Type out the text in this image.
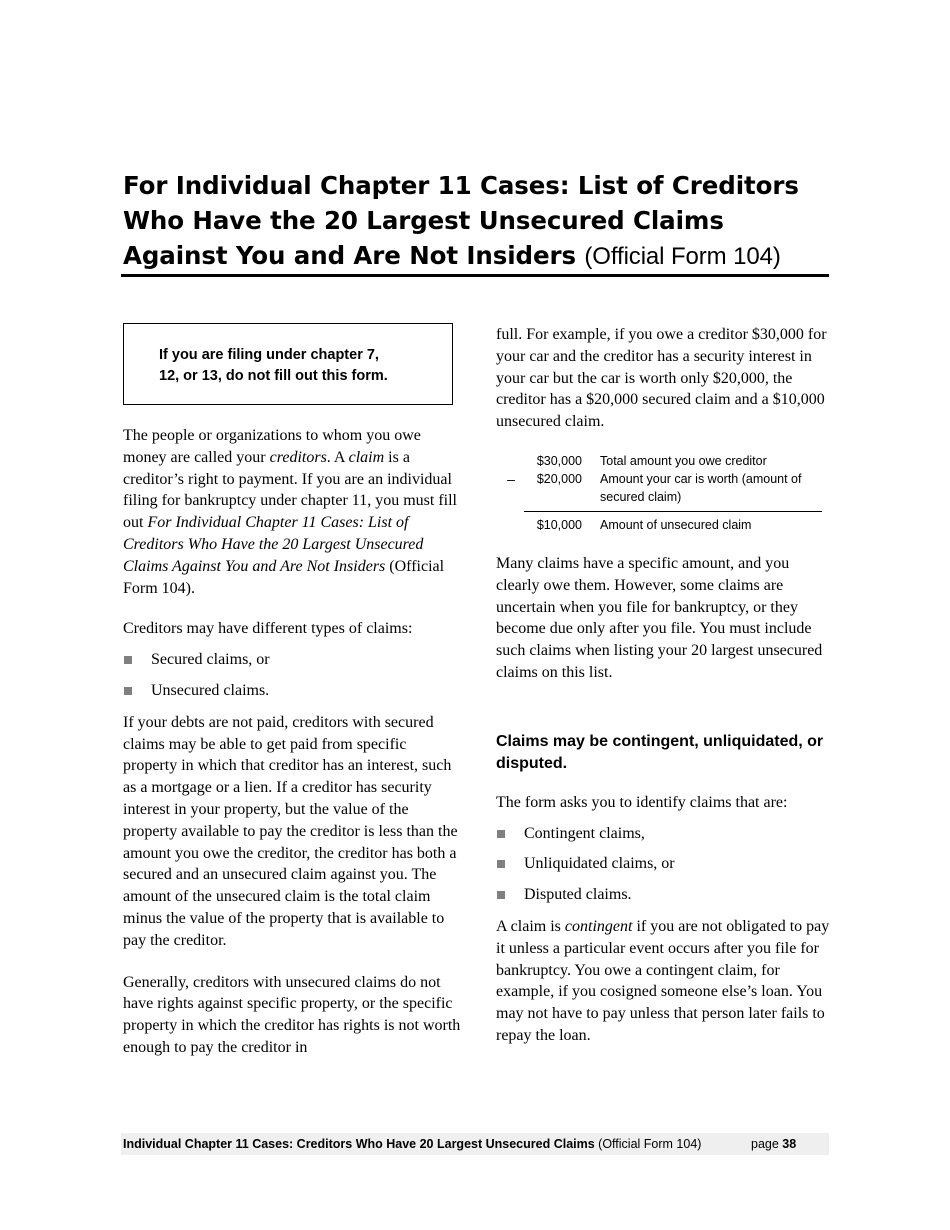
For Individual Chapter 11 Cases: List of Creditors
Who Have the 20 Largest Unsecured Claims
Against You and Are Not Insiders (Official Form 104)
If you are filing under chapter 7,
12, or 13, do not fill out this form.

The people or organizations to whom you owe money are called your creditors. A claim is a creditor’s right to payment. If you are an individual filing for bankruptcy under chapter 11, you must fill out For Individual Chapter 11 Cases: List of Creditors Who Have the 20 Largest Unsecured Claims Against You and Are Not Insiders (Official Form 104).

Creditors may have different types of claims:

Secured claims, or
Unsecured claims.

If your debts are not paid, creditors with secured claims may be able to get paid from specific property in which that creditor has an interest, such as a mortgage or a lien. If a creditor has security interest in your property, but the value of the property available to pay the creditor is less than the amount you owe the creditor, the creditor has both a secured and an unsecured claim against you. The amount of the unsecured claim is the total claim minus the value of the property that is available to pay the creditor.

Generally, creditors with unsecured claims do not have rights against specific property, or the specific property in which the creditor has rights is not worth enough to pay the creditor in

full. For example, if you owe a creditor $30,000 for your car and the creditor has a security interest in your car but the car is worth only $20,000, the creditor has a $20,000 secured claim and a $10,000 unsecured claim.

$30,000	Total amount you owe creditor
–	$20,000	Amount your car is worth (amount of secured claim)
$10,000	Amount of unsecured claim

Many claims have a specific amount, and you clearly owe them. However, some claims are uncertain when you file for bankruptcy, or they become due only after you file. You must include such claims when listing your 20 largest unsecured claims on this list.

Claims may be contingent, unliquidated, or disputed.

The form asks you to identify claims that are:

Contingent claims,
Unliquidated claims, or
Disputed claims.

A claim is contingent if you are not obligated to pay it unless a particular event occurs after you file for bankruptcy. You owe a contingent claim, for example, if you cosigned someone else’s loan. You may not have to pay unless that person later fails to repay the loan.

Individual Chapter 11 Cases: Creditors Who Have 20 Largest Unsecured Claims (Official Form 104)	page 38
